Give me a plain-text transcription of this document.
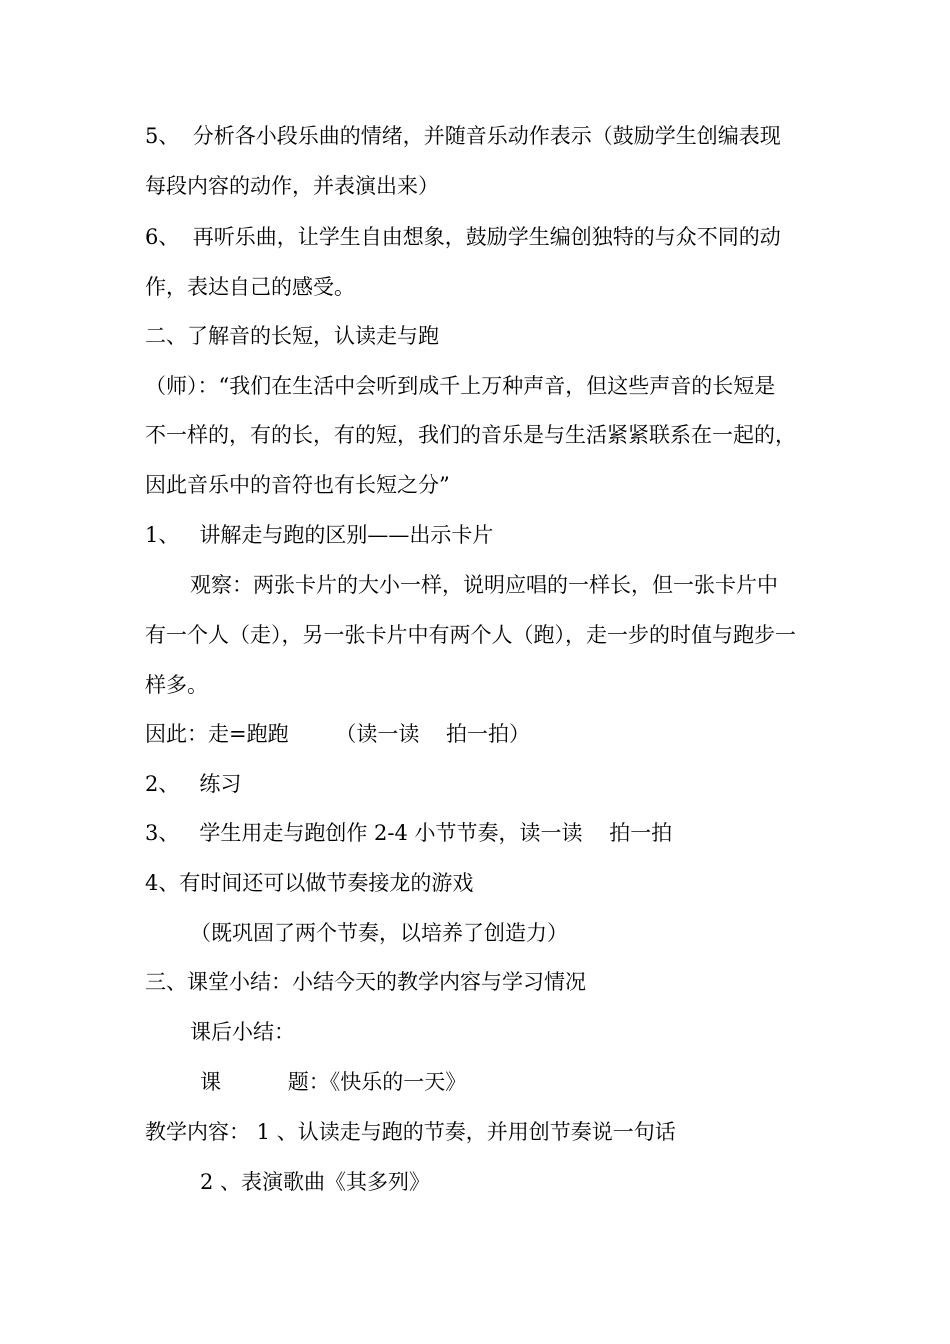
5、  分析各小段乐曲的情绪，并随音乐动作表示（鼓励学生创编表现
每段内容的动作，并表演出来）
6、  再听乐曲，让学生自由想象，鼓励学生编创独特的与众不同的动
作，表达自己的感受。
二、了解音的长短，认读走与跑
（师）：“我们在生活中会听到成千上万种声音，但这些声音的长短是
不一样的，有的长，有的短，我们的音乐是与生活紧紧联系在一起的，
因此音乐中的音符也有长短之分”
1、   讲解走与跑的区别——出示卡片
观察：两张卡片的大小一样，说明应唱的一样长，但一张卡片中
有一个人（走），另一张卡片中有两个人（跑），走一步的时值与跑步一
样多。
因此：走=跑跑       （读一读    拍一拍）
2、   练习
3、   学生用走与跑创作 2-4 小节节奏，读一读    拍一拍
4、有时间还可以做节奏接龙的游戏
（既巩固了两个节奏，以培养了创造力）
三、课堂小结：小结今天的教学内容与学习情况
课后小结：
课          题：《快乐的一天》
教学内容： 1 、认读走与跑的节奏，并用创节奏说一句话
2 、表演歌曲《其多列》
